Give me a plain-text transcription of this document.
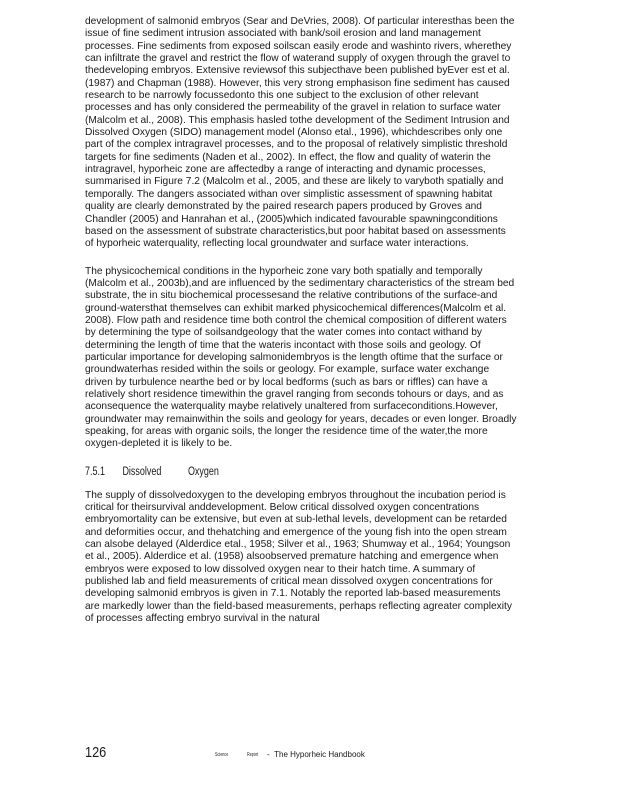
development of salmonid embryos (Sear and DeVries, 2008). Of particular interesthas been the issue of fine sediment intrusion associated with bank/soil erosion and land management processes. Fine sediments from exposed soilscan easily erode and washinto rivers, wherethey can infiltrate the gravel and restrict the flow of waterand supply of oxygen through the gravel to thedeveloping embryos. Extensive reviewsof this subjecthave been published byEver est et al. (1987) and Chapman (1988). However, this very strong emphasison fine sediment has caused research to be narrowly focussedonto this one subject to the exclusion of other relevant processes and has only considered the permeability of the gravel in relation to surface water (Malcolm et al., 2008). This emphasis hasled tothe development of the Sediment Intrusion and Dissolved Oxygen (SIDO) management model (Alonso etal., 1996), whichdescribes only one part of the complex intragravel processes, and to the proposal of relatively simplistic threshold targets for fine sediments (Naden et al., 2002). In effect, the flow and quality of waterin the intragravel, hyporheic zone are affectedby a range of interacting and dynamic processes, summarised in Figure 7.2 (Malcolm et al., 2005, and these are likely to varyboth spatially and temporally. The dangers associated withan over simplistic assessment of spawning habitat quality are clearly demonstrated by the paired research papers produced by Groves and Chandler (2005) and Hanrahan et al., (2005)which indicated favourable spawningconditions based on the assessment of substrate characteristics,but poor habitat based on assessments of hyporheic waterquality, reflecting local groundwater and surface water interactions.

The physicochemical conditions in the hyporheic zone vary both spatially and temporally (Malcolm et al., 2003b),and are influenced by the sedimentary characteristics of the stream bed substrate, the in situ biochemical processesand the relative contributions of the surface-and ground-watersthat themselves can exhibit marked physicochemical differences(Malcolm et al. 2008). Flow path and residence time both control the chemical composition of different waters by determining the type of soilsandgeology that the water comes into contact withand by determining the length of time that the wateris incontact with those soils and geology. Of particular importance for developing salmonidembryos is the length oftime that the surface or groundwaterhas resided within the soils or geology. For example, surface water exchange driven by turbulence nearthe bed or by local bedforms (such as bars or riffles) can have a relatively short residence timewithin the gravel ranging from seconds tohours or days, and as aconsequence the waterquality maybe relatively unaltered from surfaceconditions.However, groundwater may remainwithin the soils and geology for years, decades or even longer. Broadly speaking, for areas with organic soils, the longer the residence time of the water,the more oxygen-depleted it is likely to be.

7.5.1 Dissolved Oxygen

The supply of dissolvedoxygen to the developing embryos throughout the incubation period is critical for theirsurvival anddevelopment. Below critical dissolved oxygen concentrations embryomortality can be extensive, but even at sub-lethal levels, development can be retarded and deformities occur, and thehatching and emergence of the young fish into the open stream can alsobe delayed (Alderdice etal., 1958; Silver et al., 1963; Shumway et al., 1964; Youngson et al., 2005). Alderdice et al. (1958) alsoobserved premature hatching and emergence when embryos were exposed to low dissolved oxygen near to their hatch time. A summary of published lab and field measurements of critical mean dissolved oxygen concentrations for developing salmonid embryos is given in 7.1. Notably the reported lab-based measurements are markedly lower than the field-based measurements, perhaps reflecting agreater complexity of processes affecting embryo survival in the natural

126	Science	Report - The Hyporheic Handbook
